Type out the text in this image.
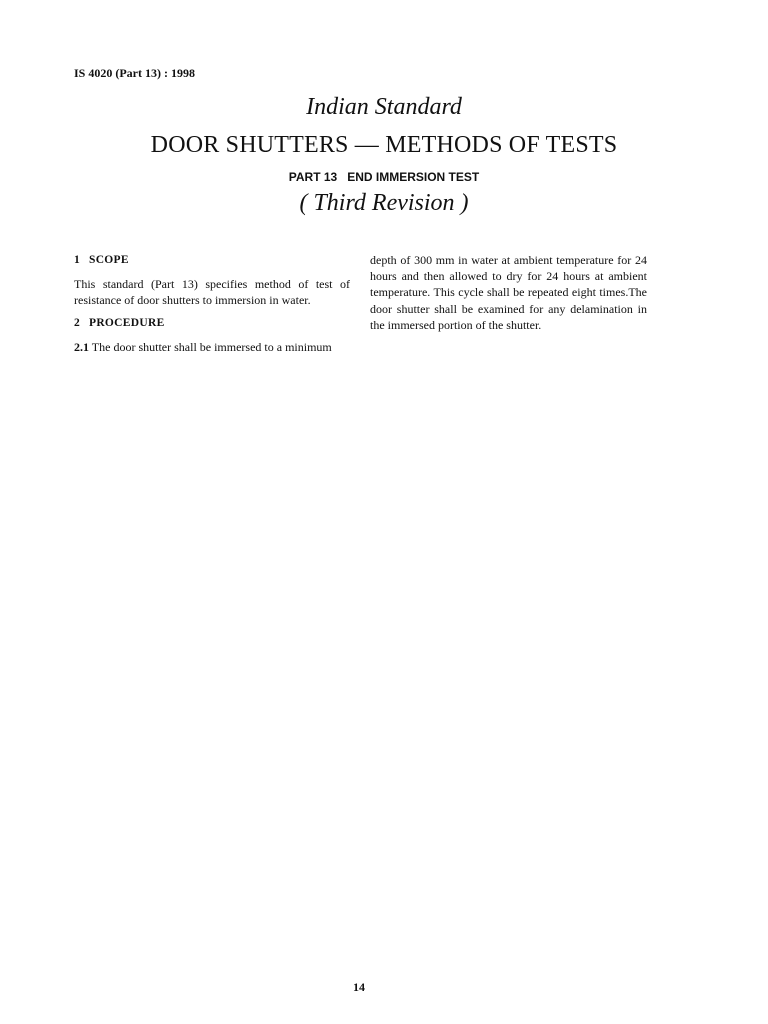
IS 4020 (Part 13) : 1998
Indian Standard
DOOR SHUTTERS — METHODS OF TESTS
PART 13 END IMMERSION TEST
( Third Revision )
1 SCOPE

This standard (Part 13) specifies method of test of resistance of door shutters to immersion in water.

2 PROCEDURE

2.1 The door shutter shall be immersed to a minimum

depth of 300 mm in water at ambient temperature for 24 hours and then allowed to dry for 24 hours at ambient temperature. This cycle shall be repeated eight times.The door shutter shall be examined for any delamination in the immersed portion of the shutter.

14
